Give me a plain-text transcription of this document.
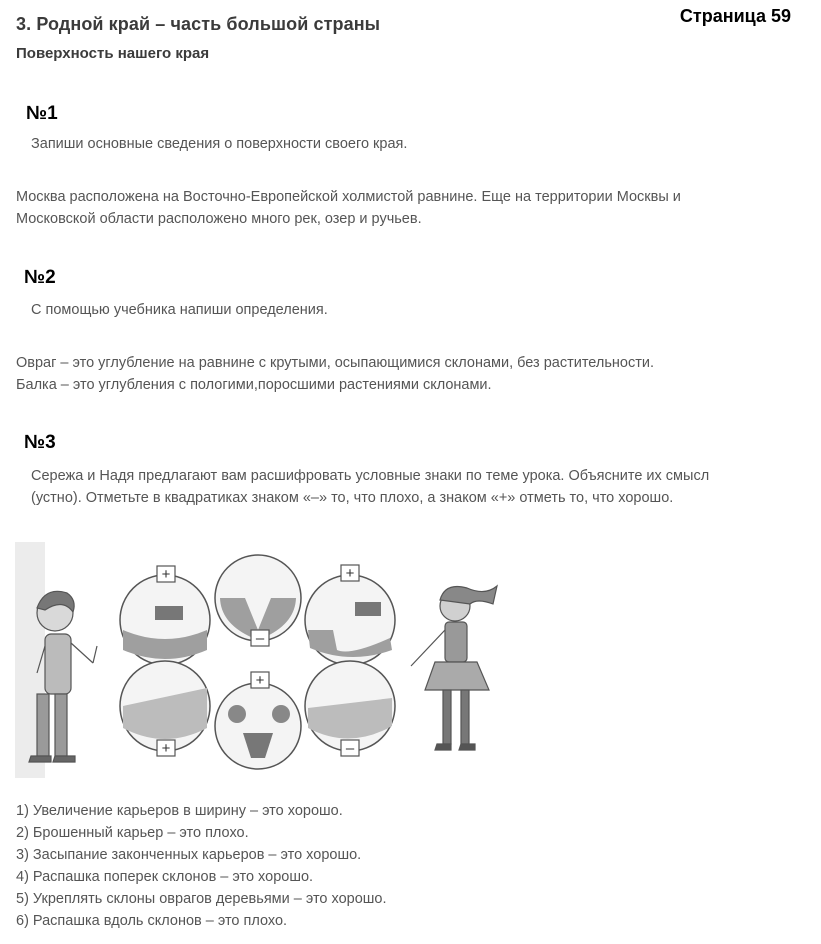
Страница 59
3. Родной край – часть большой страны
Поверхность нашего края
№1
Запиши основные сведения о поверхности своего края.

Москва расположена на Восточно-Европейской холмистой равнине. Еще на территории Москвы и

Московской области расположено много рек, озер и ручьев.

№2
С помощью учебника напиши определения.

Овраг – это углубление на равнине с крутыми, осыпающимися склонами, без растительности.

Балка – это углубления с пологими,поросшими растениями склонами.

№3
Сережа и Надя предлагают вам расшифровать условные знаки по теме урока. Объясните их смысл
(устно). Отметьте в квадратиках знаком «–» то, что плохо, а знаком «+» отметь то, что хорошо.
+
–
+
+
+
–
1) Увеличение карьеров в ширину – это хорошо.
2) Брошенный карьер – это плохо.
3) Засыпание законченных карьеров – это хорошо.
4) Распашка поперек склонов – это хорошо.
5) Укреплять склоны оврагов деревьями – это хорошо.
6) Распашка вдоль склонов – это плохо.
